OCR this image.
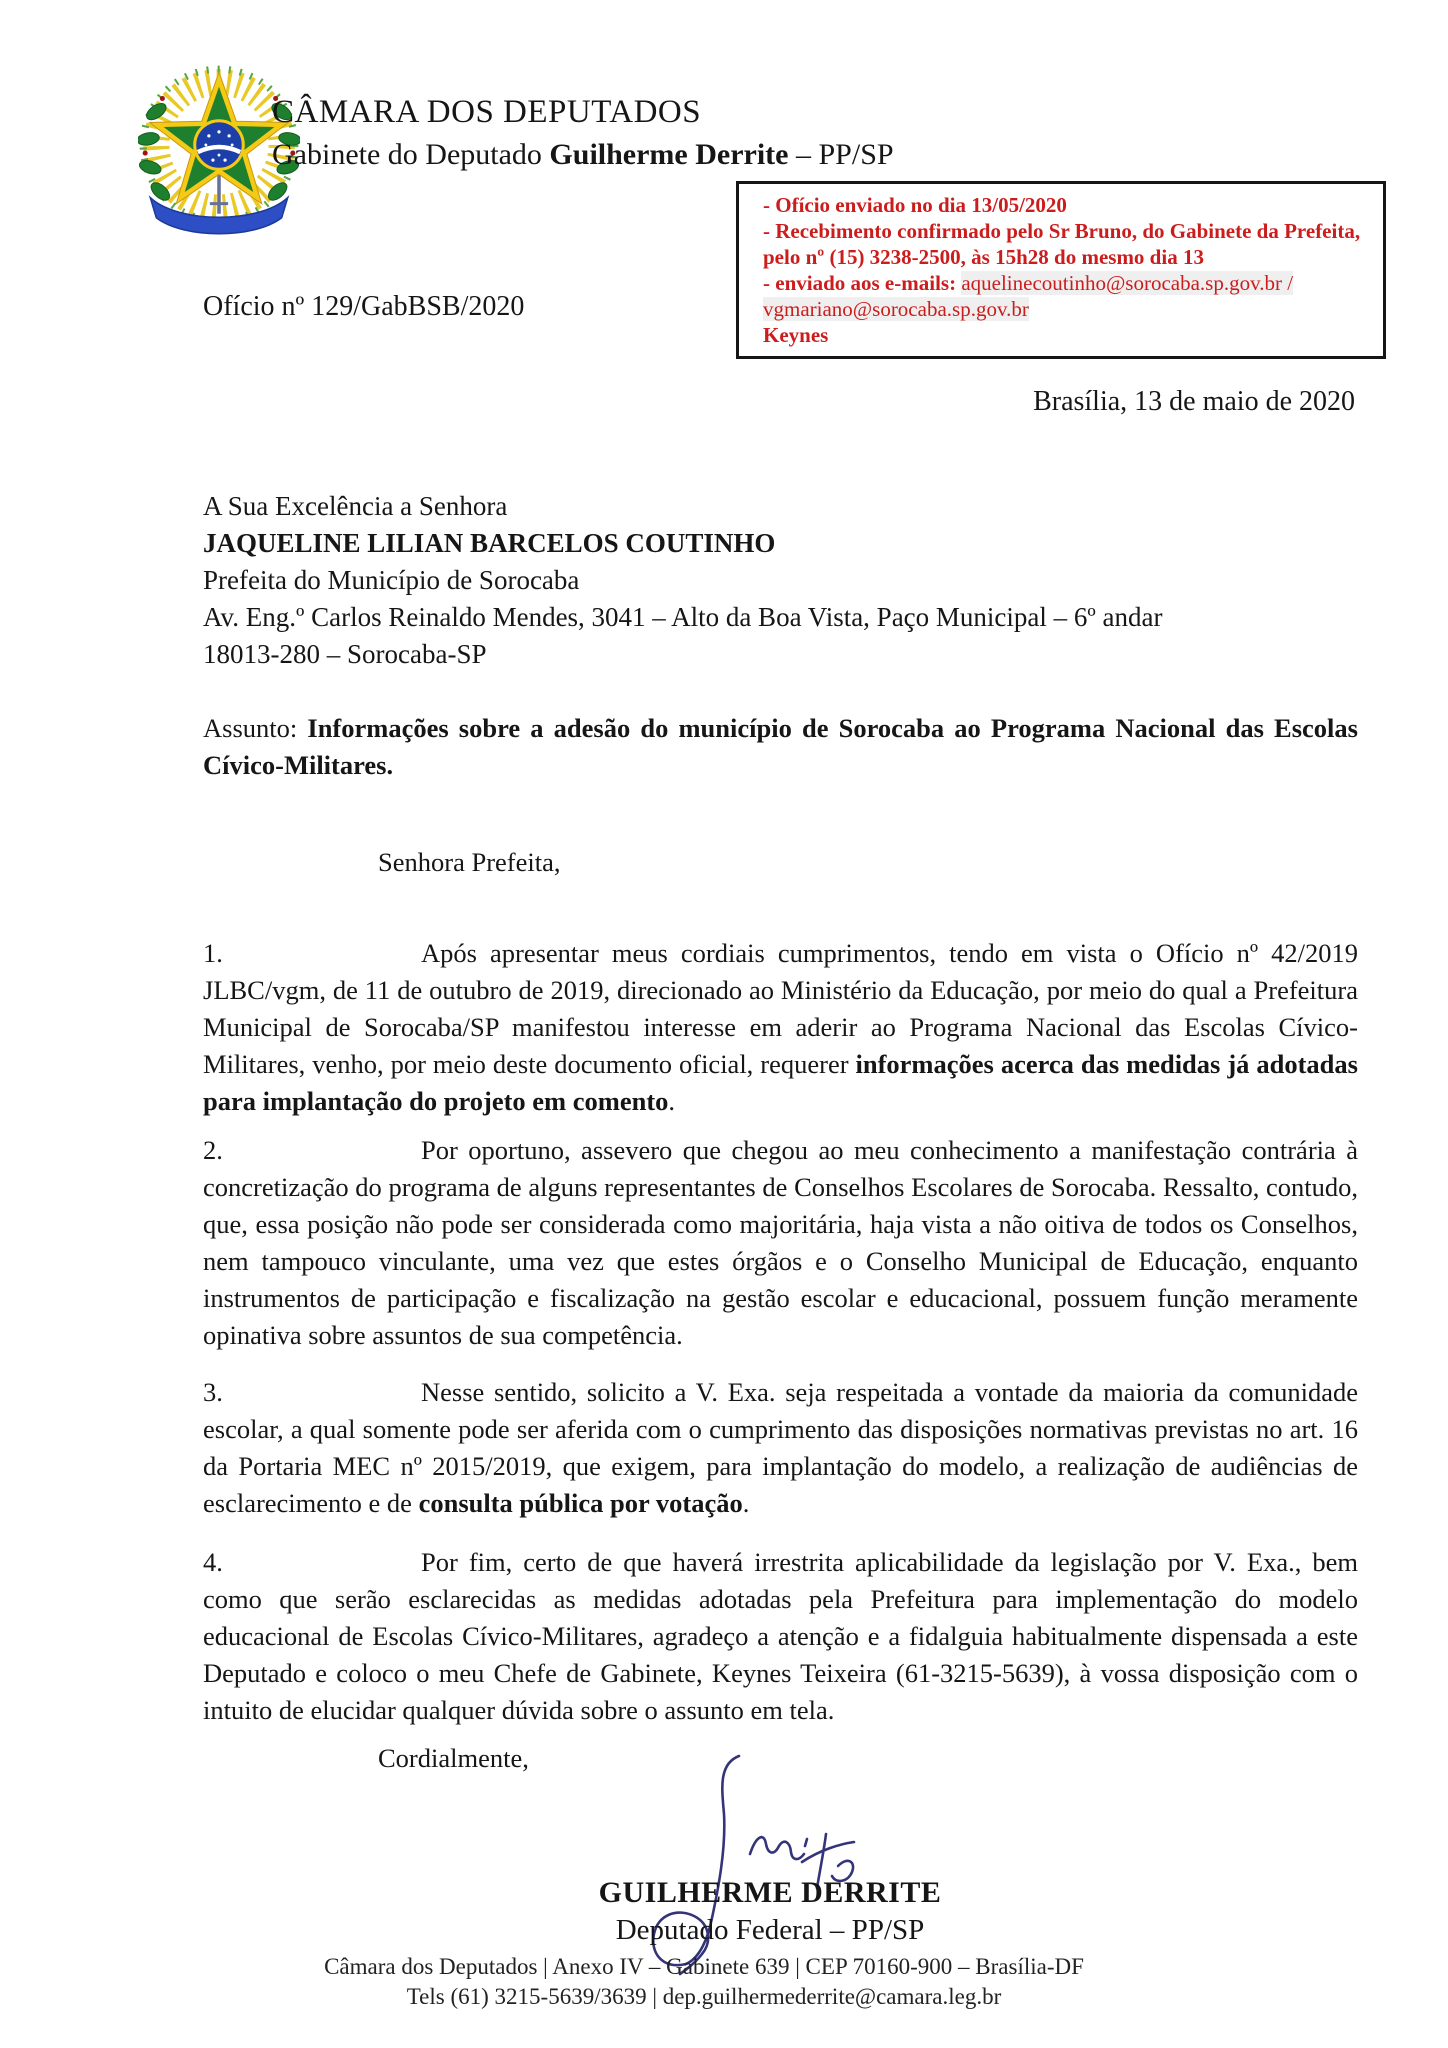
CÂMARA DOS DEPUTADOS
Gabinete do Deputado Guilherme Derrite – PP/SP

- Ofício enviado no dia 13/05/2020

- Recebimento confirmado pelo Sr Bruno, do Gabinete da Prefeita, pelo nº (15) 3238-2500, às 15h28 do mesmo dia 13

- enviado aos e-mails: aquelinecoutinho@sorocaba.sp.gov.br / vgmariano@sorocaba.sp.gov.br

Keynes

Ofício nº 129/GabBSB/2020
Brasília, 13 de maio de 2020
A Sua Excelência a Senhora
JAQUELINE LILIAN BARCELOS COUTINHO
Prefeita do Município de Sorocaba
Av. Eng.º Carlos Reinaldo Mendes, 3041 – Alto da Boa Vista, Paço Municipal – 6º andar
18013-280 – Sorocaba-SP

Assunto: Informações sobre a adesão do município de Sorocaba ao Programa Nacional das Escolas Cívico-Militares.

Senhora Prefeita,

1.	Após apresentar meus cordiais cumprimentos, tendo em vista o Ofício nº 42/2019 JLBC/vgm, de 11 de outubro de 2019, direcionado ao Ministério da Educação, por meio do qual a Prefeitura Municipal de Sorocaba/SP manifestou interesse em aderir ao Programa Nacional das Escolas Cívico-Militares, venho, por meio deste documento oficial, requerer informações acerca das medidas já adotadas para implantação do projeto em comento.

2.	Por oportuno, assevero que chegou ao meu conhecimento a manifestação contrária à concretização do programa de alguns representantes de Conselhos Escolares de Sorocaba. Ressalto, contudo, que, essa posição não pode ser considerada como majoritária, haja vista a não oitiva de todos os Conselhos, nem tampouco vinculante, uma vez que estes órgãos e o Conselho Municipal de Educação, enquanto instrumentos de participação e fiscalização na gestão escolar e educacional, possuem função meramente opinativa sobre assuntos de sua competência.

3.	Nesse sentido, solicito a V. Exa. seja respeitada a vontade da maioria da comunidade escolar, a qual somente pode ser aferida com o cumprimento das disposições normativas previstas no art. 16 da Portaria MEC nº 2015/2019, que exigem, para implantação do modelo, a realização de audiências de esclarecimento e de consulta pública por votação.

4.	Por fim, certo de que haverá irrestrita aplicabilidade da legislação por V. Exa., bem como que serão esclarecidas as medidas adotadas pela Prefeitura para implementação do modelo educacional de Escolas Cívico-Militares, agradeço a atenção e a fidalguia habitualmente dispensada a este Deputado e coloco o meu Chefe de Gabinete, Keynes Teixeira (61-3215-5639), à vossa disposição com o intuito de elucidar qualquer dúvida sobre o assunto em tela.

Cordialmente,
GUILHERME DERRITE
Deputado Federal – PP/SP
Câmara dos Deputados | Anexo IV – Gabinete 639 | CEP 70160-900 – Brasília-DF
Tels (61) 3215-5639/3639 | dep.guilhermederrite@camara.leg.br
